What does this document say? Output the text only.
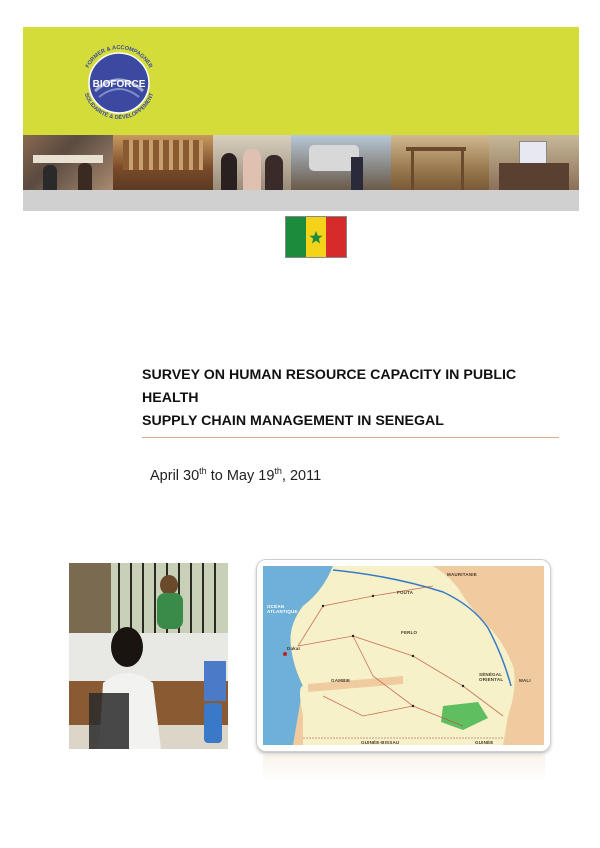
BIOFORCE
FORMER & ACCOMPAGNER
SOLIDARITÉ & DÉVELOPPEMENT
SURVEY ON HUMAN RESOURCE CAPACITY IN PUBLIC HEALTH
SUPPLY CHAIN MANAGEMENT IN SENEGAL
April 30th to May 19th, 2011
MAURITANIE
MALI
GAMBIE
GUINÉE-BISSAU	GUINÉE
OCÉAN ATLANTIQUE
Dakar
FERLO
FOUTA
SÉNÉGAL ORIENTAL
